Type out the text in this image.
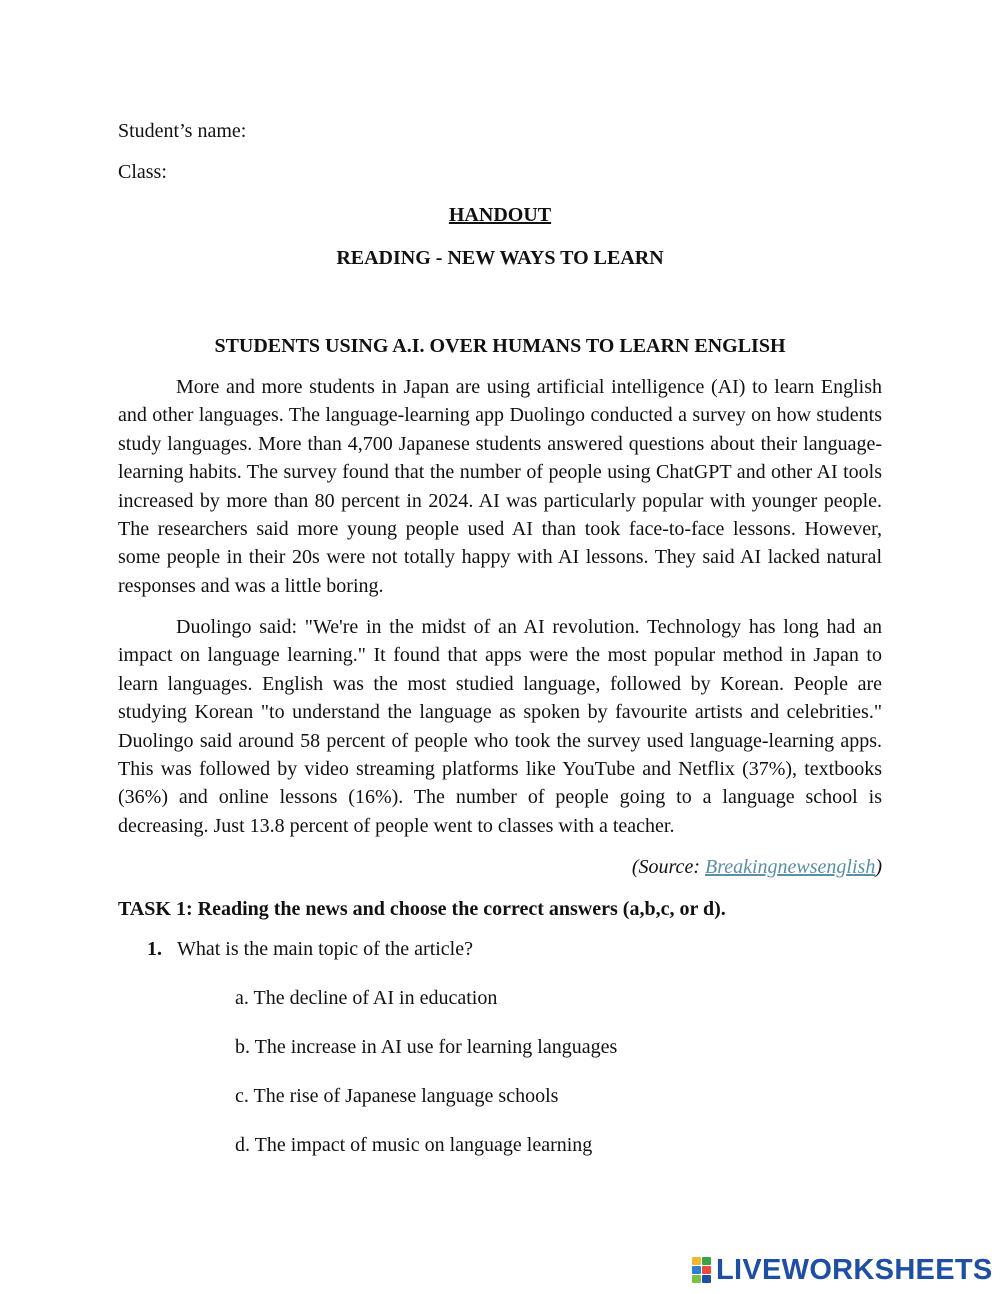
Student’s name:
Class:
HANDOUT
READING - NEW WAYS TO LEARN
STUDENTS USING A.I. OVER HUMANS TO LEARN ENGLISH
More and more students in Japan are using artificial intelligence (AI) to learn English and other languages. The language-learning app Duolingo conducted a survey on how students study languages. More than 4,700 Japanese students answered questions about their language-learning habits. The survey found that the number of people using ChatGPT and other AI tools increased by more than 80 percent in 2024. AI was particularly popular with younger people. The researchers said more young people used AI than took face-to-face lessons. However, some people in their 20s were not totally happy with AI lessons. They said AI lacked natural responses and was a little boring.
Duolingo said: "We're in the midst of an AI revolution. Technology has long had an impact on language learning." It found that apps were the most popular method in Japan to learn languages. English was the most studied language, followed by Korean. People are studying Korean "to understand the language as spoken by favourite artists and celebrities." Duolingo said around 58 percent of people who took the survey used language-learning apps. This was followed by video streaming platforms like YouTube and Netflix (37%), textbooks (36%) and online lessons (16%). The number of people going to a language school is decreasing. Just 13.8 percent of people went to classes with a teacher.
(Source: Breakingnewsenglish)
TASK 1: Reading the news and choose the correct answers (a,b,c, or d).
1. What is the main topic of the article?
a. The decline of AI in education
b. The increase in AI use for learning languages
c. The rise of Japanese language schools
d. The impact of music on language learning
LIVEWORKSHEETS
